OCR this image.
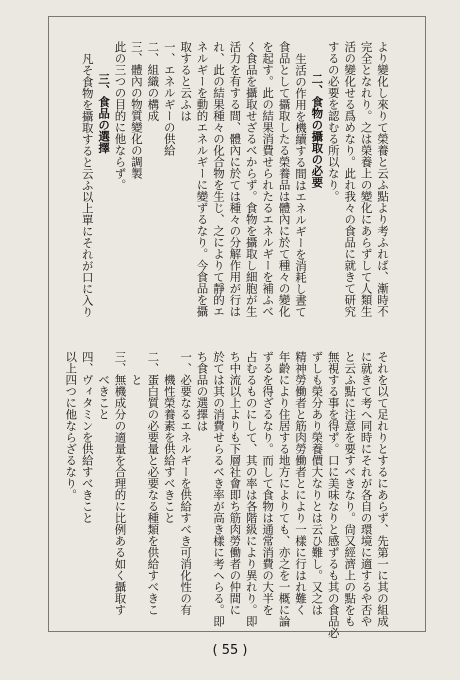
より變化し來りて榮養と云ふ點より考ふれば、漸時不
完全となれり。之は榮養上の變化にあらずして人類生
活の變化せる爲めなり。此れ我々の食品に就きて研究
するの必要を認むる所以なり。
二、食物の攝取の必要
生活の作用を機續する間はエネルギーを消耗し晝て
食品として攝取したる榮養品は體內に於て種々の變化
を起す。此の結果消費せられたるエネルギーを補ふべ
く食品を攝取せざるべからず。食物を攝取し細胞が生
活力を有する間、體內に於ては種々の分解作用が行は
れ、此の結果種々の化合物を生じ、之によりて靜的エ
ネルギーを動的エネルギーに變ずるなり。今食品を攝
取すると云ふは
一、エネルギーの供給
二、組織の構成
三、體內の物質變化の調製
此の三つの目的に他ならず。
三、食品の選擇
凡そ食物を攝取すると云ふ以上單にそれが口に入り
それを以て足れりとするにあらず、先第一に其の組成
に就きて考へ同時にそれが各自の環境に適するや否や
と云ふ點に注意を要すべきなり。尙又經濟上の點をも
無視する事を得ず。口に美味なりと感ずるも其の食品必
ずしも榮分あり榮養價大なりとは云ひ難し。又之は
精神勞働者と筋肉勞働者とにより一樣に行はれ難く
年齡により住居する地方によりても、亦之を一概に論
ずるを得ざるなり。而して食物は通常消費の大半を
占むるものにして、其の率は各階級により異れり。即
ち中流以上よりも下層社會即ち筋肉勞働者の仲間に
於ては其の消費せらるべき率が高き樣に考へらる。即
ち食品の選擇は
一、必要なるエネルギーを供給すべき可消化性の有
　　機性榮養素を供給すべきこと
二、蛋白質の必要量と必要なる種類を供給すべきこ
　　と
三、無機成分の適量を合理的に比例ある如く攝取す
　　べきこと
四、ヴィタミンを供給すべきこと
以上四つに他ならざるなり。
( 55 )
